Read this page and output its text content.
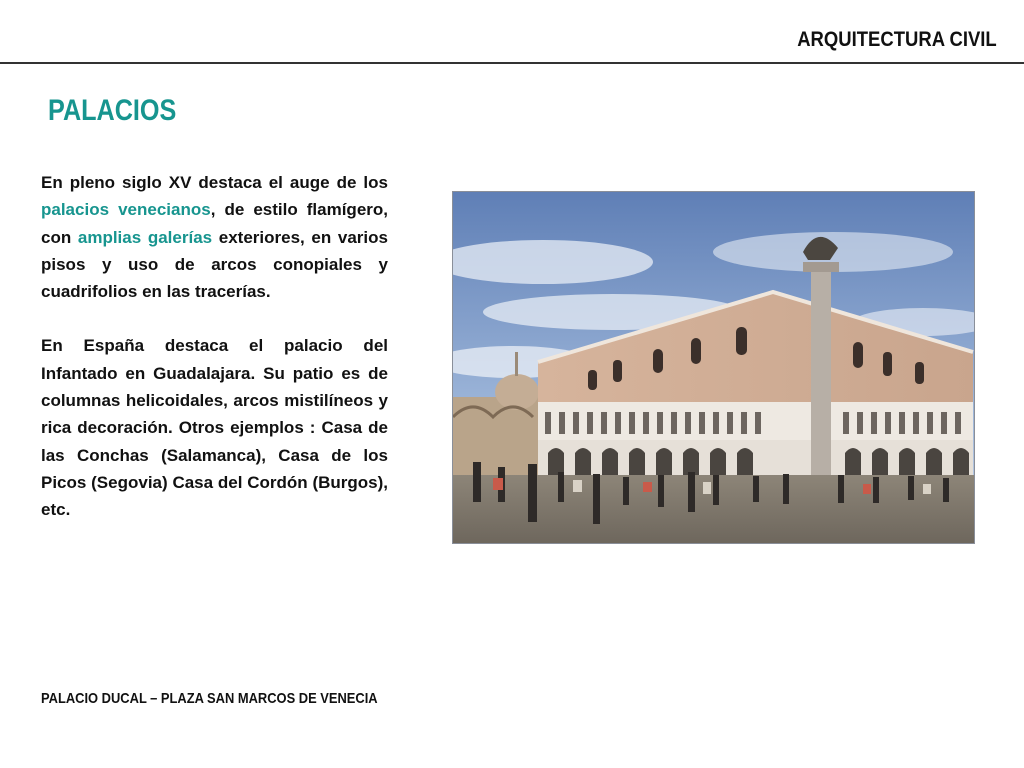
ARQUITECTURA CIVIL
PALACIOS

En pleno siglo XV destaca el auge de los palacios venecianos, de estilo flamígero, con amplias galerías exteriores, en varios pisos y uso de arcos conopiales y cuadrifolios en las tracerías.

En España destaca el palacio del Infantado en Guadalajara. Su patio es de columnas helicoidales, arcos mistilíneos y rica decoración. Otros ejemplos : Casa de las Conchas (Salamanca), Casa de los Picos (Segovia) Casa del Cordón (Burgos), etc.

PALACIO DUCAL – PLAZA SAN MARCOS DE VENECIA
